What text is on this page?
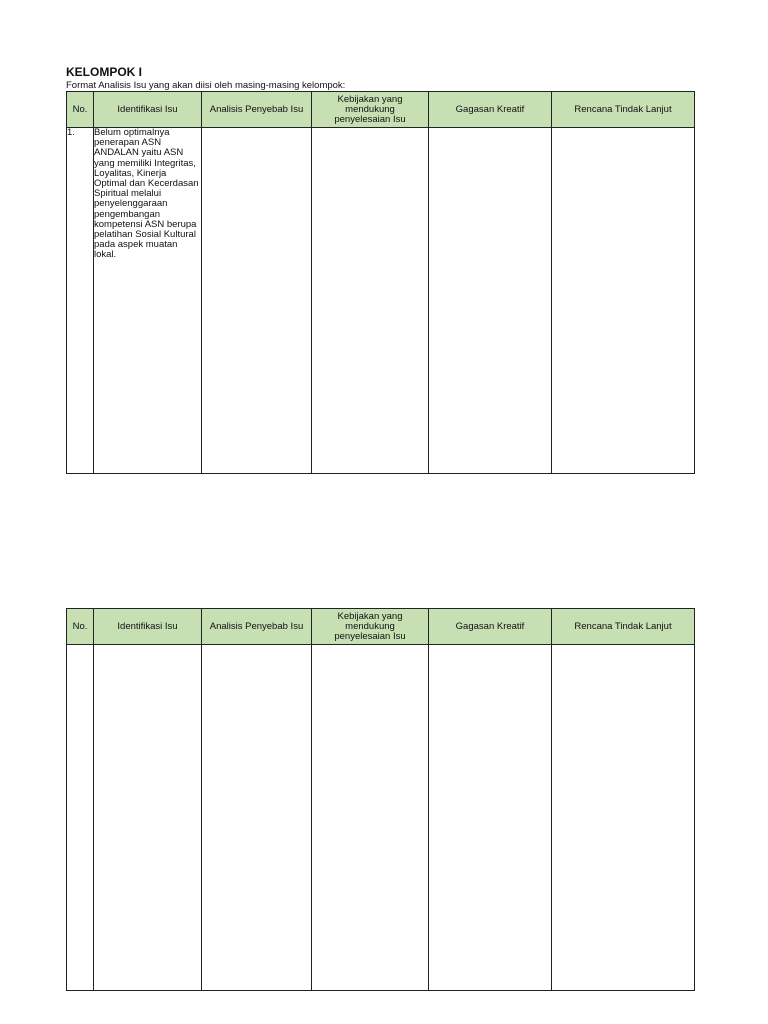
KELOMPOK I
Format Analisis Isu yang akan diisi oleh masing-masing kelompok:
No.	Identifikasi Isu	Analisis Penyebab Isu	Kebijakan yang mendukung penyelesaian Isu	Gagasan Kreatif	Rencana Tindak Lanjut
1.	Belum optimalnya penerapan ASN ANDALAN yaitu ASN yang memiliki Integritas, Loyalitas, Kinerja Optimal dan Kecerdasan Spiritual melalui penyelenggaraan pengembangan kompetensi ASN berupa pelatihan Sosial Kultural pada aspek muatan lokal.				
No.	Identifikasi Isu	Analisis Penyebab Isu	Kebijakan yang mendukung penyelesaian Isu	Gagasan Kreatif	Rencana Tindak Lanjut
